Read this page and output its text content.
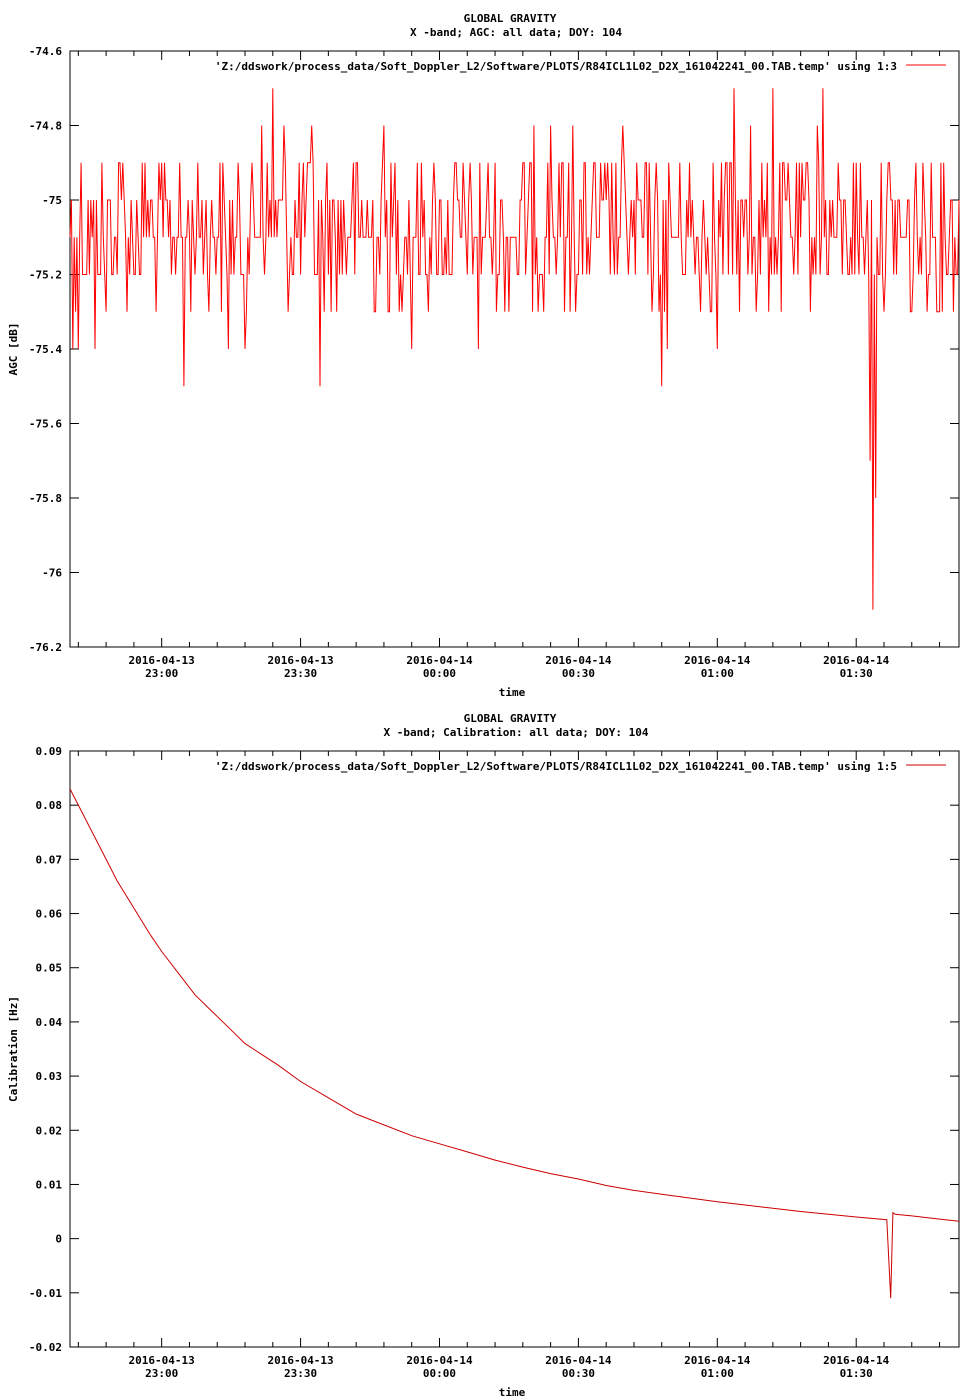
GLOBAL GRAVITY
X -band; AGC: all data; DOY: 104
-74.6
-74.8
-75
-75.2
-75.4
-75.6
-75.8
-76
-76.2
2016-04-13
23:00
2016-04-13
23:30
2016-04-14
00:00
2016-04-14
00:30
2016-04-14
01:00
2016-04-14
01:30
'Z:/ddswork/process_data/Soft_Doppler_L2/Software/PLOTS/R84ICL1L02_D2X_161042241_00.TAB.temp' using 1:3
time
AGC [dB]
GLOBAL GRAVITY
X -band; Calibration: all data; DOY: 104
0.09
0.08
0.07
0.06
0.05
0.04
0.03
0.02
0.01
0
-0.01
-0.02
2016-04-13
23:00
2016-04-13
23:30
2016-04-14
00:00
2016-04-14
00:30
2016-04-14
01:00
2016-04-14
01:30
'Z:/ddswork/process_data/Soft_Doppler_L2/Software/PLOTS/R84ICL1L02_D2X_161042241_00.TAB.temp' using 1:5
time
Calibration [Hz]
